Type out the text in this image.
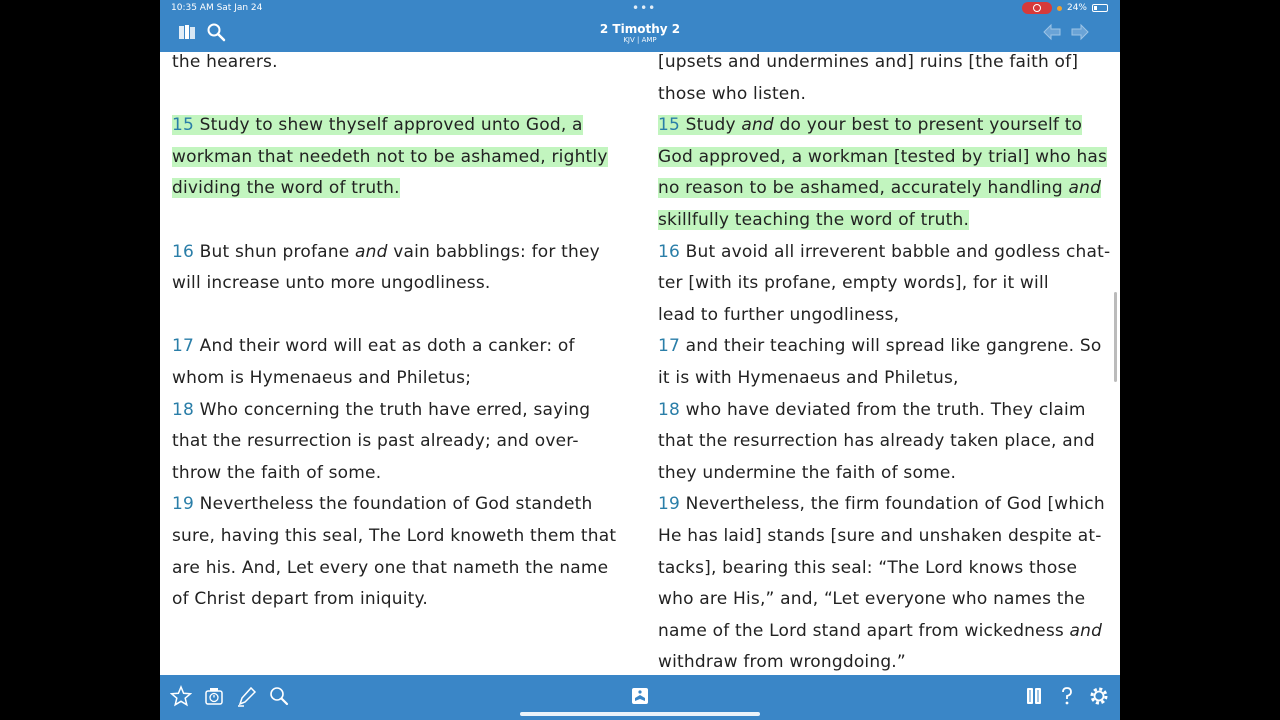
10:35 AM Sat Jan 24	•••	24%
2 Timothy 2
KJV | AMP
the hearers.
15 Study to shew thyself approved unto God, a
workman that needeth not to be ashamed, rightly
dividing the word of truth.
16 But shun profane and vain babblings: for they
will increase unto more ungodliness.
17 And their word will eat as doth a canker: of
whom is Hymenaeus and Philetus;
18 Who concerning the truth have erred, saying
that the resurrection is past already; and over-
throw the faith of some.
19 Nevertheless the foundation of God standeth
sure, having this seal, The Lord knoweth them that
are his. And, Let every one that nameth the name
of Christ depart from iniquity.
[upsets and undermines and] ruins [the faith of]
those who listen.
15 Study and do your best to present yourself to
God approved, a workman [tested by trial] who has
no reason to be ashamed, accurately handling and
skillfully teaching the word of truth.
16 But avoid all irreverent babble and godless chat-
ter [with its profane, empty words], for it will
lead to further ungodliness,
17 and their teaching will spread like gangrene. So
it is with Hymenaeus and Philetus,
18 who have deviated from the truth. They claim
that the resurrection has already taken place, and
they undermine the faith of some.
19 Nevertheless, the firm foundation of God [which
He has laid] stands [sure and unshaken despite at-
tacks], bearing this seal: “The Lord knows those
who are His,” and, “Let everyone who names the
name of the Lord stand apart from wickedness and
withdraw from wrongdoing.”
